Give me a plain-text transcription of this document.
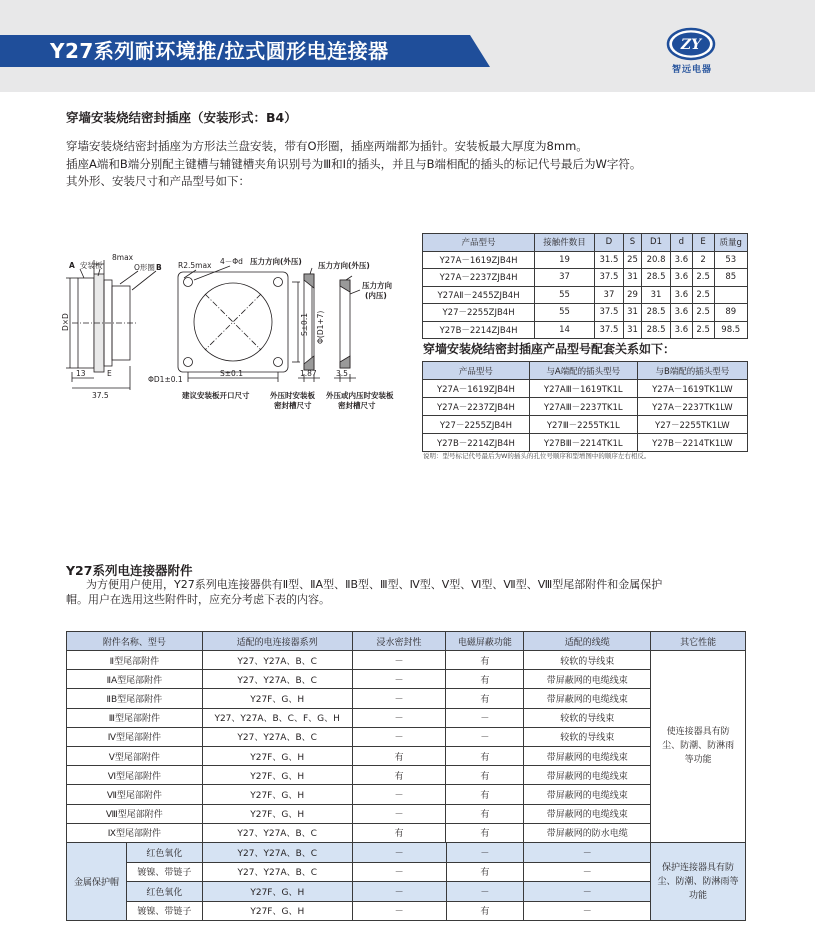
Y27系列耐环境推/拉式圆形电连接器	ZY
智远电器
穿墙安装烧结密封插座（安装形式：B4）
穿墙安装烧结密封插座为方形法兰盘安装，带有O形圈，插座两端都为插针。安装板最大厚度为8mm。
插座A端和B端分别配主键槽与辅键槽夹角识别号为Ⅲ和Ⅰ的插头，并且与B端相配的插头的标记代号最后为W字符。
其外形、安装尺寸和产品型号如下：
A 安装板
8max
O形圈 B R2.5max 4－Φd 压力方向(外压) 压力方向(外压)
压力方向
(内压)
D×D	S±0.1 Φ(D1+7)
ΦD1±0.1
S±0.1
13	E
37.5
1.87	3.5
建议安装板开口尺寸	外压时安装板
密封槽尺寸
外压或内压时安装板
密封槽尺寸
产品型号	接触件数目	D	S	D1	d	E	质量g
Y27A－1619ZJB4H	19	31.5	25	20.8	3.6	2	53
Y27A－2237ZJB4H	37	37.5	31	28.5	3.6	2.5	85
Y27AⅡ－2455ZJB4H	55	37	29	31	3.6	2.5	
Y27－2255ZJB4H	55	37.5	31	28.5	3.6	2.5	89
Y27B－2214ZJB4H	14	37.5	31	28.5	3.6	2.5	98.5
穿墙安装烧结密封插座产品型号配套关系如下：
产品型号	与A端配的插头型号	与B端配的插头型号
Y27A－1619ZJB4H	Y27AⅢ－1619TK1L	Y27A－1619TK1LW
Y27A－2237ZJB4H	Y27AⅢ－2237TK1L	Y27A－2237TK1LW
Y27－2255ZJB4H	Y27Ⅲ－2255TK1L	Y27－2255TK1LW
Y27B－2214ZJB4H	Y27BⅢ－2214TK1L	Y27B－2214TK1LW
说明：型号标记代号最后为W的插头的孔位号顺序和型增图中的顺序左右相反。
Y27系列电连接器附件
为方便用户使用，Y27系列电连接器供有Ⅱ型、ⅡA型、ⅡB型、Ⅲ型、Ⅳ型、Ⅴ型、Ⅵ型、Ⅶ型、Ⅷ型尾部附件和金属保护
帽。用户在选用这些附件时，应充分考虑下表的内容。
附件名称、型号	适配的电连接器系列	浸水密封性	电磁屏蔽功能	适配的线缆	其它性能
Ⅱ型尾部附件	Y27、Y27A、B、C	－	有	较软的导线束	使连接器具有防尘、防潮、防淋雨等功能
ⅡA型尾部附件	Y27、Y27A、B、C	－	有	带屏蔽网的电缆线束	
ⅡB型尾部附件	Y27F、G、H	－	有	带屏蔽网的电缆线束	
Ⅲ型尾部附件	Y27、Y27A、B、C、F、G、H	－	－	较软的导线束	
Ⅳ型尾部附件	Y27、Y27A、B、C	－	－	较软的导线束	
Ⅴ型尾部附件	Y27F、G、H	有	有	带屏蔽网的电缆线束	
Ⅵ型尾部附件	Y27F、G、H	有	有	带屏蔽网的电缆线束	
Ⅶ型尾部附件	Y27F、G、H	－	有	带屏蔽网的电缆线束	
Ⅷ型尾部附件	Y27F、G、H	－	有	带屏蔽网的电缆线束	
Ⅸ型尾部附件	Y27、Y27A、B、C	有	有	带屏蔽网的防水电缆	
金属保护帽	红色氧化	Y27、Y27A、B、C	－	－	－	保护连接器具有防尘、防潮、防淋雨等功能
	镀镍、带链子	Y27、Y27A、B、C	－	有	－	
	红色氧化	Y27F、G、H	－	－	－	
	镀镍、带链子	Y27F、G、H	－	有	－	
